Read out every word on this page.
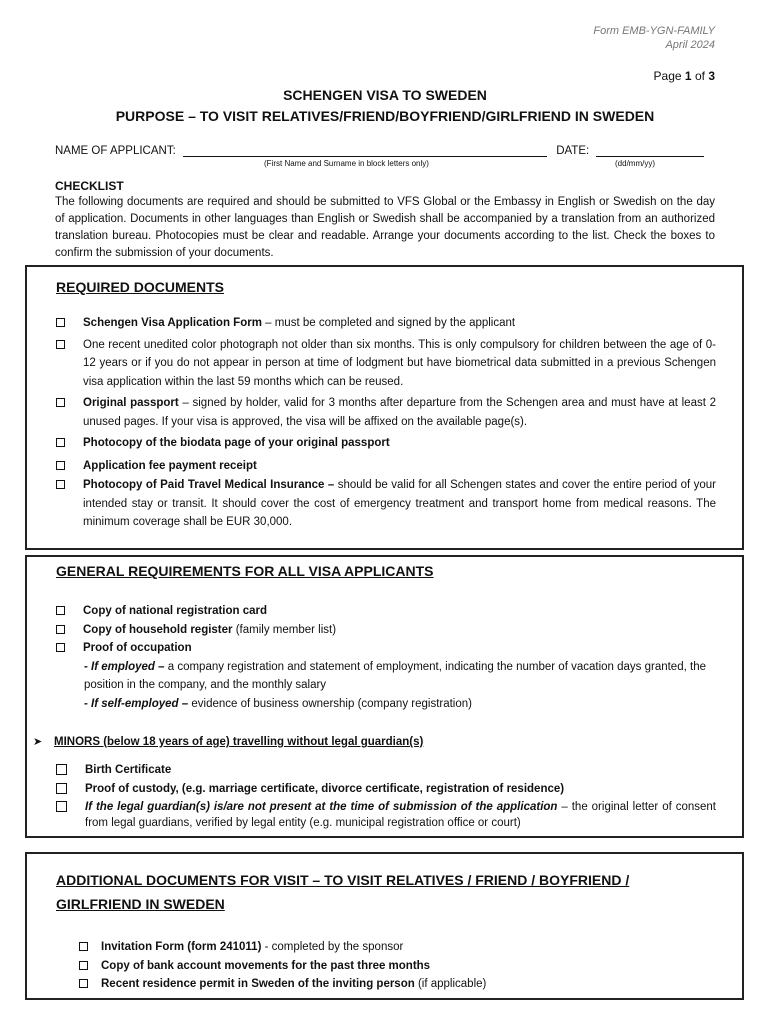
Form EMB-YGN-FAMILY
April 2024
Page 1 of 3
SCHENGEN VISA TO SWEDEN
PURPOSE – TO VISIT RELATIVES/FRIEND/BOYFRIEND/GIRLFRIEND IN SWEDEN
NAME OF APPLICANT:	DATE:
(First Name and Surname in block letters only)	(dd/mm/yy)
CHECKLIST
The following documents are required and should be submitted to VFS Global or the Embassy in English or Swedish on the day of application. Documents in other languages than English or Swedish shall be accompanied by a translation from an authorized translation bureau. Photocopies must be clear and readable. Arrange your documents according to the list. Check the boxes to confirm the submission of your documents.
REQUIRED DOCUMENTS
Schengen Visa Application Form – must be completed and signed by the applicant
One recent unedited color photograph not older than six months. This is only compulsory for children between the age of 0-12 years or if you do not appear in person at time of lodgment but have biometrical data submitted in a previous Schengen visa application within the last 59 months which can be reused.
Original passport – signed by holder, valid for 3 months after departure from the Schengen area and must have at least 2 unused pages. If your visa is approved, the visa will be affixed on the available page(s).
Photocopy of the biodata page of your original passport
Application fee payment receipt
Photocopy of Paid Travel Medical Insurance – should be valid for all Schengen states and cover the entire period of your intended stay or transit. It should cover the cost of emergency treatment and transport home from medical reasons. The minimum coverage shall be EUR 30,000.
GENERAL REQUIREMENTS FOR ALL VISA APPLICANTS
Copy of national registration card
Copy of household register (family member list)
Proof of occupation
- If employed – a company registration and statement of employment, indicating the number of vacation days granted, the position in the company, and the monthly salary
- If self-employed – evidence of business ownership (company registration)
➤	MINORS (below 18 years of age) travelling without legal guardian(s)
Birth Certificate
Proof of custody, (e.g. marriage certificate, divorce certificate, registration of residence)
If the legal guardian(s) is/are not present at the time of submission of the application – the original letter of consent from legal guardians, verified by legal entity (e.g. municipal registration office or court)
ADDITIONAL DOCUMENTS FOR VISIT – TO VISIT RELATIVES / FRIEND / BOYFRIEND /
GIRLFRIEND IN SWEDEN
Invitation Form (form 241011) - completed by the sponsor
Copy of bank account movements for the past three months
Recent residence permit in Sweden of the inviting person (if applicable)
